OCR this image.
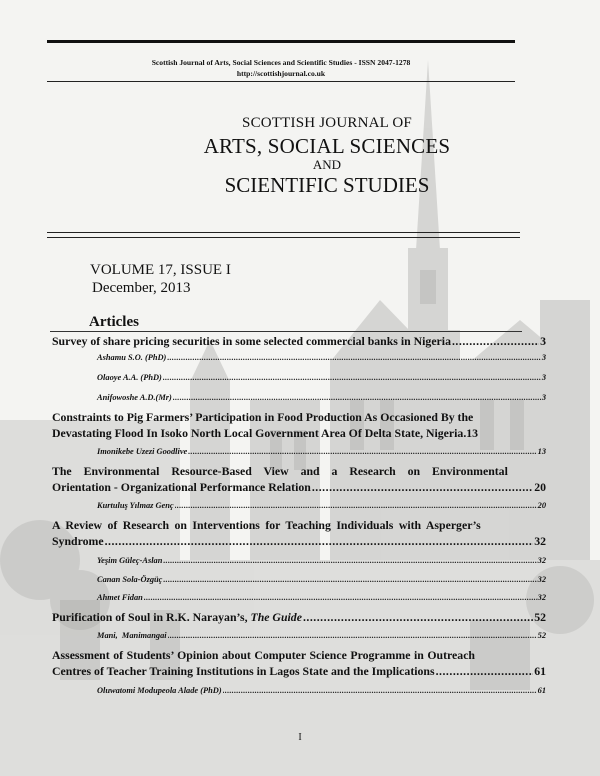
Scottish Journal of Arts, Social Sciences and Scientific Studies - ISSN 2047-1278
http://scottishjournal.co.uk
SCOTTISH JOURNAL OF
ARTS, SOCIAL SCIENCES
AND
SCIENTIFIC STUDIES
VOLUME 17, ISSUE I
December, 2013
Articles
Survey of share pricing securities in some selected commercial banks in Nigeria .....	3
Ashamu S.O. (PhD) .....	3
Olaoye A.A. (PhD) .....	3
Anifowoshe A.D.(Mr) .....	3
Constraints to Pig Farmers’ Participation in Food Production As Occasioned By the
Devastating Flood In Isoko North Local Government Area Of Delta State, Nigeria. 13
Imonikebe Uzezi Goodlive .....	13
The Environmental Resource-Based View and a Research on Environmental
Orientation - Organizational Performance Relation .....	20
Kurtuluş Yılmaz Genç .....	20
A Review of Research on Interventions for Teaching Individuals with Asperger’s
Syndrome .....	32
Yeşim Güleç-Aslan .....	32
Canan Sola-Özgüç .....	32
Ahmet Fidan .....	32
Purification of Soul in R.K. Narayan’s, The Guide .....	52
Mani,  Manimangai .....	52
Assessment of Students’ Opinion about Computer Science Programme in Outreach
Centres of Teacher Training Institutions in Lagos State and the Implications .....	61
Oluwatomi Modupeola Alade (PhD) .....	61
I
